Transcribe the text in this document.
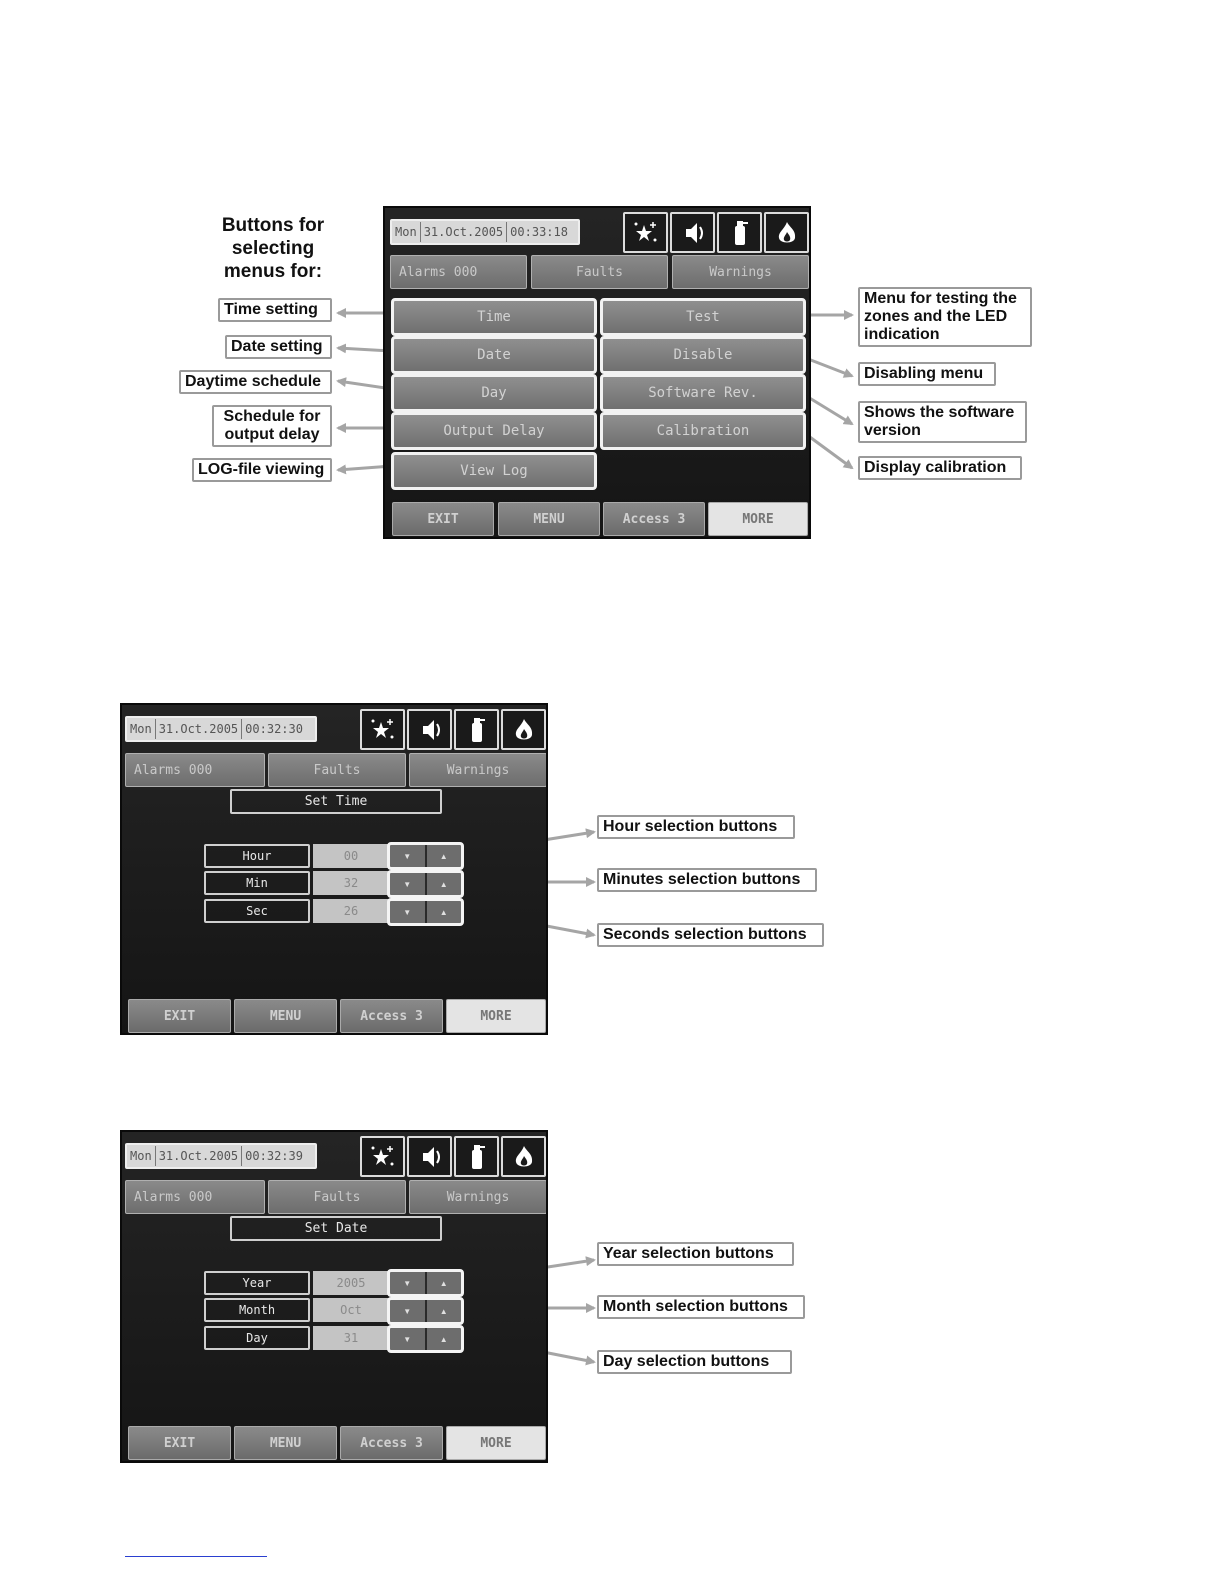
Buttons for selecting menus for:
Time setting
Date setting
Daytime schedule
Schedule for output delay
LOG-file viewing
Menu for testing the zones and the LED indication
Disabling menu
Shows the software version
Display calibration
Mon 31.Oct.2005 00:33:18
Alarms 000	Faults	Warnings
Time
Date
Day
Output Delay
View Log
Test
Disable
Software Rev.
Calibration
EXIT	MENU	Access 3	MORE
Mon 31.Oct.2005 00:32:30
Alarms 000	Faults	Warnings
Set Time
Hour	00	▼	▲
Min	32	▼	▲
Sec	26	▼	▲
EXIT	MENU	Access 3	MORE
Hour selection buttons
Minutes selection buttons
Seconds selection buttons
Mon 31.Oct.2005 00:32:39
Alarms 000	Faults	Warnings
Set Date
Year	2005	▼	▲
Month	Oct	▼	▲
Day	31	▼	▲
EXIT	MENU	Access 3	MORE
Year selection buttons
Month selection buttons
Day selection buttons
